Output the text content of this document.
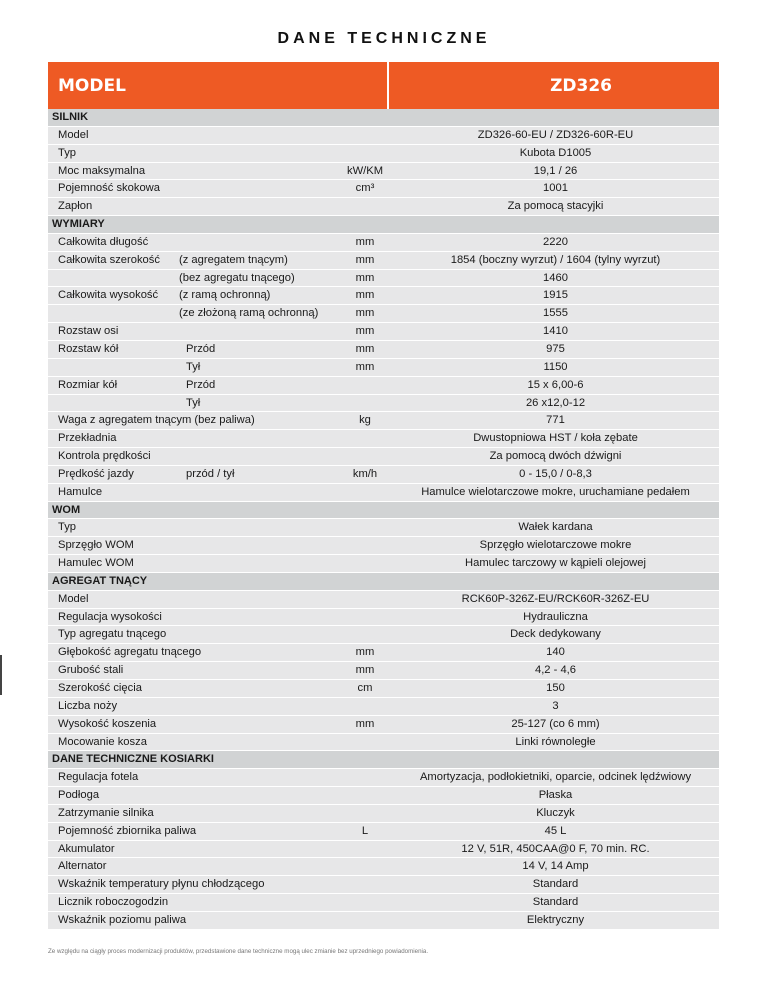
DANE TECHNICZNE
MODEL	ZD326
SILNIK
Model	ZD326-60-EU / ZD326-60R-EU
Typ	Kubota D1005
Moc maksymalna	kW/KM	19,1 / 26
Pojemność skokowa	cm³	1001
Zapłon	Za pomocą stacyjki
WYMIARY
Całkowita długość	mm	2220
Całkowita szerokość (z agregatem tnącym)	mm	1854 (boczny wyrzut) / 1604 (tylny wyrzut)
(bez agregatu tnącego)	mm	1460
Całkowita wysokość (z ramą ochronną)	mm	1915
(ze złożoną ramą ochronną)	mm	1555
Rozstaw osi	mm	1410
Rozstaw kół	Przód	mm	975
Tył	mm	1150
Rozmiar kół	Przód	15 x 6,00-6
Tył	26 x12,0-12
Waga z agregatem tnącym (bez paliwa)	kg	771
Przekładnia	Dwustopniowa HST / koła zębate
Kontrola prędkości	Za pomocą dwóch dźwigni
Prędkość jazdy	przód / tył	km/h	0 - 15,0 / 0-8,3
Hamulce	Hamulce wielotarczowe mokre, uruchamiane pedałem
WOM
Typ	Wałek kardana
Sprzęgło WOM	Sprzęgło wielotarczowe mokre
Hamulec WOM	Hamulec tarczowy w kąpieli olejowej
AGREGAT TNĄCY
Model	RCK60P-326Z-EU/RCK60R-326Z-EU
Regulacja wysokości	Hydrauliczna
Typ agregatu tnącego	Deck dedykowany
Głębokość agregatu tnącego	mm	140
Grubość stali	mm	4,2 - 4,6
Szerokość cięcia	cm	150
Liczba noży	3
Wysokość koszenia	mm	25-127 (co 6 mm)
Mocowanie kosza	Linki równoległe
DANE TECHNICZNE KOSIARKI
Regulacja fotela	Amortyzacja, podłokietniki, oparcie, odcinek lędźwiowy
Podłoga	Płaska
Zatrzymanie silnika	Kluczyk
Pojemność zbiornika paliwa	L	45 L
Akumulator	12 V, 51R, 450CAA@0 F, 70 min. RC.
Alternator	14 V, 14 Amp
Wskaźnik temperatury płynu chłodzącego	Standard
Licznik roboczogodzin	Standard
Wskaźnik poziomu paliwa	Elektryczny
Ze względu na ciągły proces modernizacji produktów, przedstawione dane techniczne mogą ulec zmianie bez uprzedniego powiadomienia.
